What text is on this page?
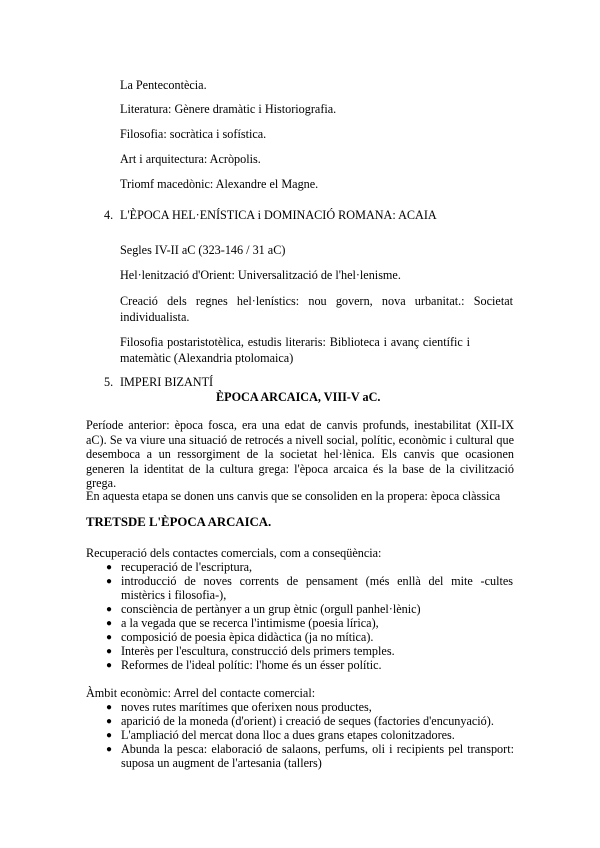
La Pentecontècia.
Literatura: Gènere dramàtic i Historiografia.
Filosofia: socràtica i sofística.
Art i arquitectura: Acròpolis.
Triomf macedònic: Alexandre el Magne.
4. L'ÈPOCA HEL·ENÍSTICA i DOMINACIÓ ROMANA: ACAIA
Segles IV-II aC (323-146 / 31 aC)
Hel·lenització d'Orient: Universalització de l'hel·lenisme.
Creació dels regnes hel·lenístics: nou govern, nova urbanitat.: Societat individualista.
Filosofia postaristotèlica, estudis literaris: Biblioteca i avanç científic i matemàtic (Alexandria ptolomaica)
5. IMPERI BIZANTÍ
ÈPOCA ARCAICA, VIII-V aC.
Període anterior: època fosca, era una edat de canvis profunds, inestabilitat (XII-IX aC). Se va viure una situació de retrocés a nivell social, polític, econòmic i cultural que desemboca a un ressorgiment de la societat hel·lènica. Els canvis que ocasionen generen la identitat de la cultura grega: l'època arcaica és la base de la civilització grega.
En aquesta etapa se donen uns canvis que se consoliden en la propera: època clàssica
TRETSDE L'ÈPOCA ARCAICA.
Recuperació dels contactes comercials, com a conseqüència:
● recuperació de l'escriptura,
● introducció de noves corrents de pensament (més enllà del mite -cultes mistèrics i filosofia-),
● consciència de pertànyer a un grup ètnic (orgull panhel·lènic)
● a la vegada que se recerca l'intimisme (poesia lírica),
● composició de poesia èpica didàctica (ja no mítica).
● Interès per l'escultura, construcció dels primers temples.
● Reformes de l'ideal polític: l'home és un ésser polític.
Àmbit econòmic: Arrel del contacte comercial:
● noves rutes marítimes que oferixen nous productes,
● aparició de la moneda (d'orient) i creació de seques (factories d'encunyació).
● L'ampliació del mercat dona lloc a dues grans etapes colonitzadores.
● Abunda la pesca: elaboració de salaons, perfums, oli i recipients pel transport: suposa un augment de l'artesania (tallers)
